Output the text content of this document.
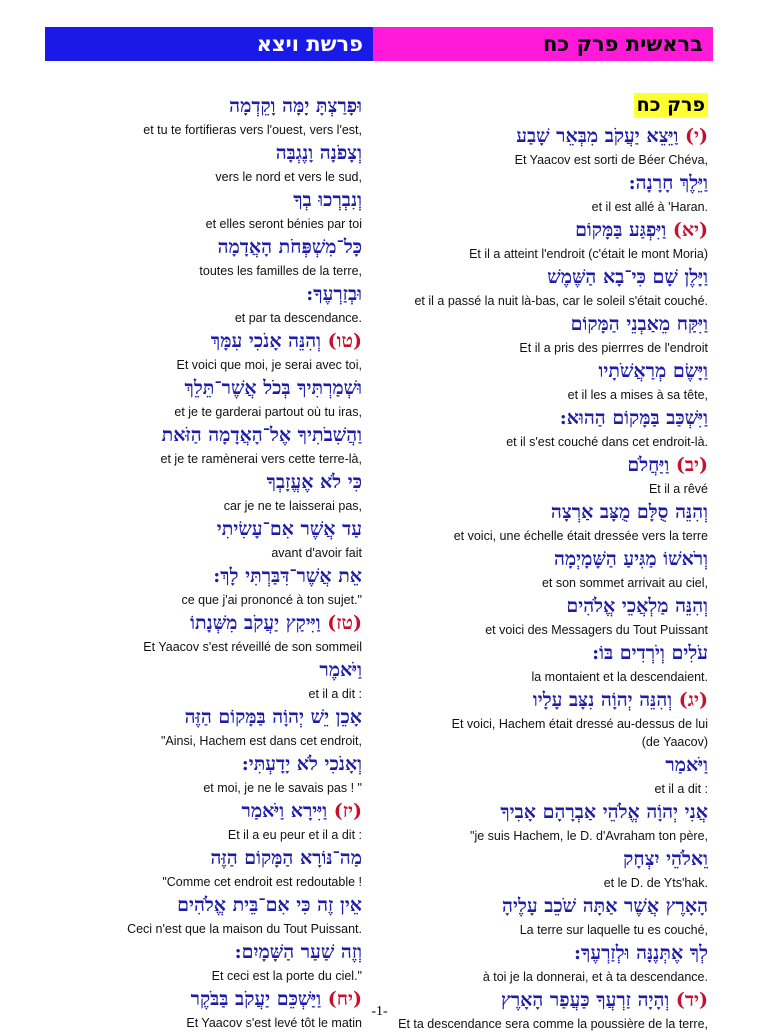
פרשת ויצא	בראשית פרק כח
וּפָרַצְתָּ יָמָּה וָקֵדְמָה
et tu te fortifieras vers l'ouest, vers l'est,
וְצָפֹנָה וָנֶגְבָּה
vers le nord et vers le sud,
וְנִבְרְכוּ בְךָ
et elles seront bénies par toi
כָּל־מִשְׁפְּחֹת הָאֲדָמָה
toutes les familles de la terre,
וּבְזַרְעֶךָ:
et par ta descendance.
(טו) וְהִנֵּה אָנֹכִי עִמָּךְ
Et voici que moi, je serai avec toi,
וּשְׁמַרְתִּיךָ בְּכֹל אֲשֶׁר־תֵּלֵךְ
et je te garderai partout où tu iras,
וַהֲשִׁבֹתִיךָ אֶל־הָאֲדָמָה הַזֹּאת
et je te ramènerai vers cette terre-là,
כִּי לֹא אֶעֱזָבְךָ
car je ne te laisserai pas,
עַד אֲשֶׁר אִם־עָשִׂיתִי
avant d'avoir fait
אֵת אֲשֶׁר־דִּבַּרְתִּי לָךְ:
ce que j'ai prononcé à ton sujet."
(טז) וַיִּיקַץ יַעֲקֹב מִשְּׁנָתוֹ
Et Yaacov s'est réveillé de son sommeil
וַיֹּאמֶר
et il a dit :
אָכֵן יֵשׁ יְהוָֹה בַּמָּקוֹם הַזֶּה
"Ainsi, Hachem est dans cet endroit,
וְאָנֹכִי לֹא יָדָעְתִּי:
et moi, je ne le savais pas ! "
(יז) וַיִּירָא וַיֹּאמַר
Et il a eu peur et il a dit :
מַה־נּוֹרָא הַמָּקוֹם הַזֶּה
"Comme cet endroit est redoutable !
אֵין זֶה כִּי אִם־בֵּית אֱלֹהִים
Ceci n'est que la maison du Tout Puissant.
וְזֶה שַׁעַר הַשָּׁמָיִם:
Et ceci est la porte du ciel."
(יח) וַיַּשְׁכֵּם יַעֲקֹב בַּבֹּקֶר
Et Yaacov s'est levé tôt le matin
פרק כח
(י) וַיֵּצֵא יַעֲקֹב מִבְּאֵר שָׁבַע
Et Yaacov est sorti de Béer Chéva,
וַיֵּלֶךְ חָרָנָה:
et il est allé à 'Haran.
(יא) וַיִּפְגַּע בַּמָּקוֹם
Et il a atteint l'endroit (c'était le mont Moria)
וַיָּלֶן שָׁם כִּי־בָא הַשֶּׁמֶשׁ
et il a passé la nuit là-bas, car le soleil s'était couché.
וַיִּקַּח מֵאַבְנֵי הַמָּקוֹם
Et il a pris des pierrres de l'endroit
וַיָּשֶׂם מְרַאֲשֹׁתָיו
et il les a mises à sa tête,
וַיִּשְׁכַּב בַּמָּקוֹם הַהוּא:
et il s'est couché dans cet endroit-là.
(יב) וַיַּחֲלֹם
Et il a rêvé
וְהִנֵּה סֻלָּם מֻצָּב אַרְצָה
et voici, une échelle était dressée vers la terre
וְרֹאשׁוֹ מַגִּיעַ הַשָּׁמָיְמָה
et son sommet arrivait au ciel,
וְהִנֵּה מַלְאֲכֵי אֱלֹהִים
et voici des Messagers du Tout Puissant
עֹלִים וְיֹרְדִים בּוֹ:
la montaient et la descendaient.
(יג) וְהִנֵּה יְהוָֹה נִצָּב עָלָיו
Et voici, Hachem était dressé au-dessus de lui
(de Yaacov)
וַיֹּאמַר
et il a dit :
אֲנִי יְהוָֹה אֱלֹהֵי אַבְרָהָם אָבִיךָ
"je suis Hachem, le D. d'Avraham ton père,
וֵאלֹהֵי יִצְחָק
et le D. de Yts'hak.
הָאָרֶץ אֲשֶׁר אַתָּה שֹׁכֵב עָלֶיהָ
La terre sur laquelle tu es couché,
לְךָ אֶתְּנֶנָּה וּלְזַרְעֶךָ:
à toi je la donnerai, et à ta descendance.
(יד) וְהָיָה זַרְעֲךָ כַּעֲפַר הָאָרֶץ
Et ta descendance sera comme la poussière de la terre,
-1-
